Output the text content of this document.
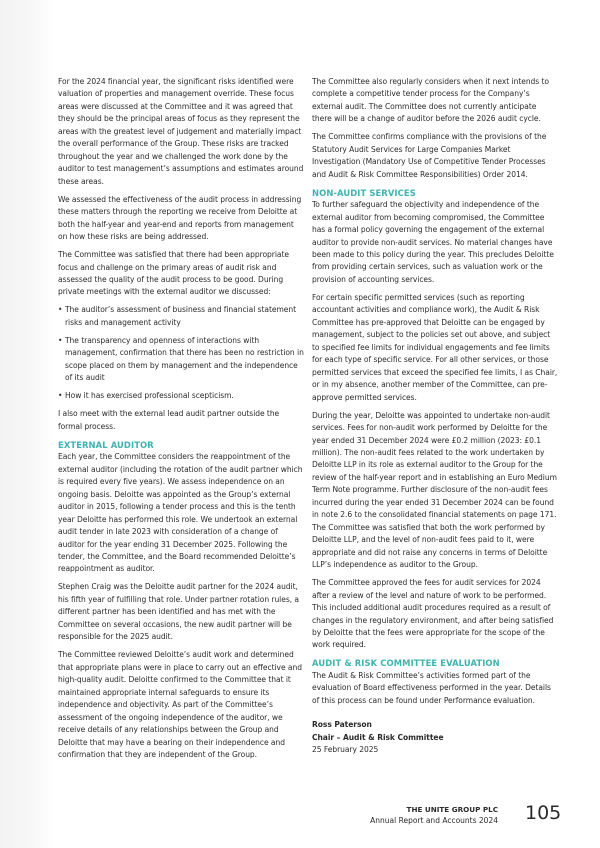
For the 2024 financial year, the significant risks identified were valuation of properties and management override. These focus areas were discussed at the Committee and it was agreed that they should be the principal areas of focus as they represent the areas with the greatest level of judgement and materially impact the overall performance of the Group. These risks are tracked throughout the year and we challenged the work done by the auditor to test management’s assumptions and estimates around these areas.

We assessed the effectiveness of the audit process in addressing these matters through the reporting we receive from Deloitte at both the half-year and year-end and reports from management on how these risks are being addressed.

The Committee was satisfied that there had been appropriate focus and challenge on the primary areas of audit risk and assessed the quality of the audit process to be good. During private meetings with the external auditor we discussed:

• The auditor’s assessment of business and financial statement risks and management activity
• The transparency and openness of interactions with management, confirmation that there has been no restriction in scope placed on them by management and the independence of its audit
• How it has exercised professional scepticism.

I also meet with the external lead audit partner outside the formal process.

EXTERNAL AUDITOR

Each year, the Committee considers the reappointment of the external auditor (including the rotation of the audit partner which is required every five years). We assess independence on an ongoing basis. Deloitte was appointed as the Group’s external auditor in 2015, following a tender process and this is the tenth year Deloitte has performed this role. We undertook an external audit tender in late 2023 with consideration of a change of auditor for the year ending 31 December 2025. Following the tender, the Committee, and the Board recommended Deloitte’s reappointment as auditor.

Stephen Craig was the Deloitte audit partner for the 2024 audit, his fifth year of fulfilling that role. Under partner rotation rules, a different partner has been identified and has met with the Committee on several occasions, the new audit partner will be responsible for the 2025 audit.

The Committee reviewed Deloitte’s audit work and determined that appropriate plans were in place to carry out an effective and high-quality audit. Deloitte confirmed to the Committee that it maintained appropriate internal safeguards to ensure its independence and objectivity. As part of the Committee’s assessment of the ongoing independence of the auditor, we receive details of any relationships between the Group and Deloitte that may have a bearing on their independence and confirmation that they are independent of the Group.

The Committee also regularly considers when it next intends to complete a competitive tender process for the Company’s external audit. The Committee does not currently anticipate there will be a change of auditor before the 2026 audit cycle.

The Committee confirms compliance with the provisions of the Statutory Audit Services for Large Companies Market Investigation (Mandatory Use of Competitive Tender Processes and Audit & Risk Committee Responsibilities) Order 2014.

NON-AUDIT SERVICES

To further safeguard the objectivity and independence of the external auditor from becoming compromised, the Committee has a formal policy governing the engagement of the external auditor to provide non-audit services. No material changes have been made to this policy during the year. This precludes Deloitte from providing certain services, such as valuation work or the provision of accounting services.

For certain specific permitted services (such as reporting accountant activities and compliance work), the Audit & Risk Committee has pre-approved that Deloitte can be engaged by management, subject to the policies set out above, and subject to specified fee limits for individual engagements and fee limits for each type of specific service. For all other services, or those permitted services that exceed the specified fee limits, I as Chair, or in my absence, another member of the Committee, can pre-approve permitted services.

During the year, Deloitte was appointed to undertake non-audit services. Fees for non-audit work performed by Deloitte for the year ended 31 December 2024 were £0.2 million (2023: £0.1 million). The non-audit fees related to the work undertaken by Deloitte LLP in its role as external auditor to the Group for the review of the half-year report and in establishing an Euro Medium Term Note programme. Further disclosure of the non-audit fees incurred during the year ended 31 December 2024 can be found in note 2.6 to the consolidated financial statements on page 171. The Committee was satisfied that both the work performed by Deloitte LLP, and the level of non-audit fees paid to it, were appropriate and did not raise any concerns in terms of Deloitte LLP’s independence as auditor to the Group.

The Committee approved the fees for audit services for 2024 after a review of the level and nature of work to be performed. This included additional audit procedures required as a result of changes in the regulatory environment, and after being satisfied by Deloitte that the fees were appropriate for the scope of the work required.

AUDIT & RISK COMMITTEE EVALUATION

The Audit & Risk Committee’s activities formed part of the evaluation of Board effectiveness performed in the year. Details of this process can be found under Performance evaluation.

Ross Paterson
Chair – Audit & Risk Committee
25 February 2025
THE UNITE GROUP PLC
Annual Report and Accounts 2024 105
